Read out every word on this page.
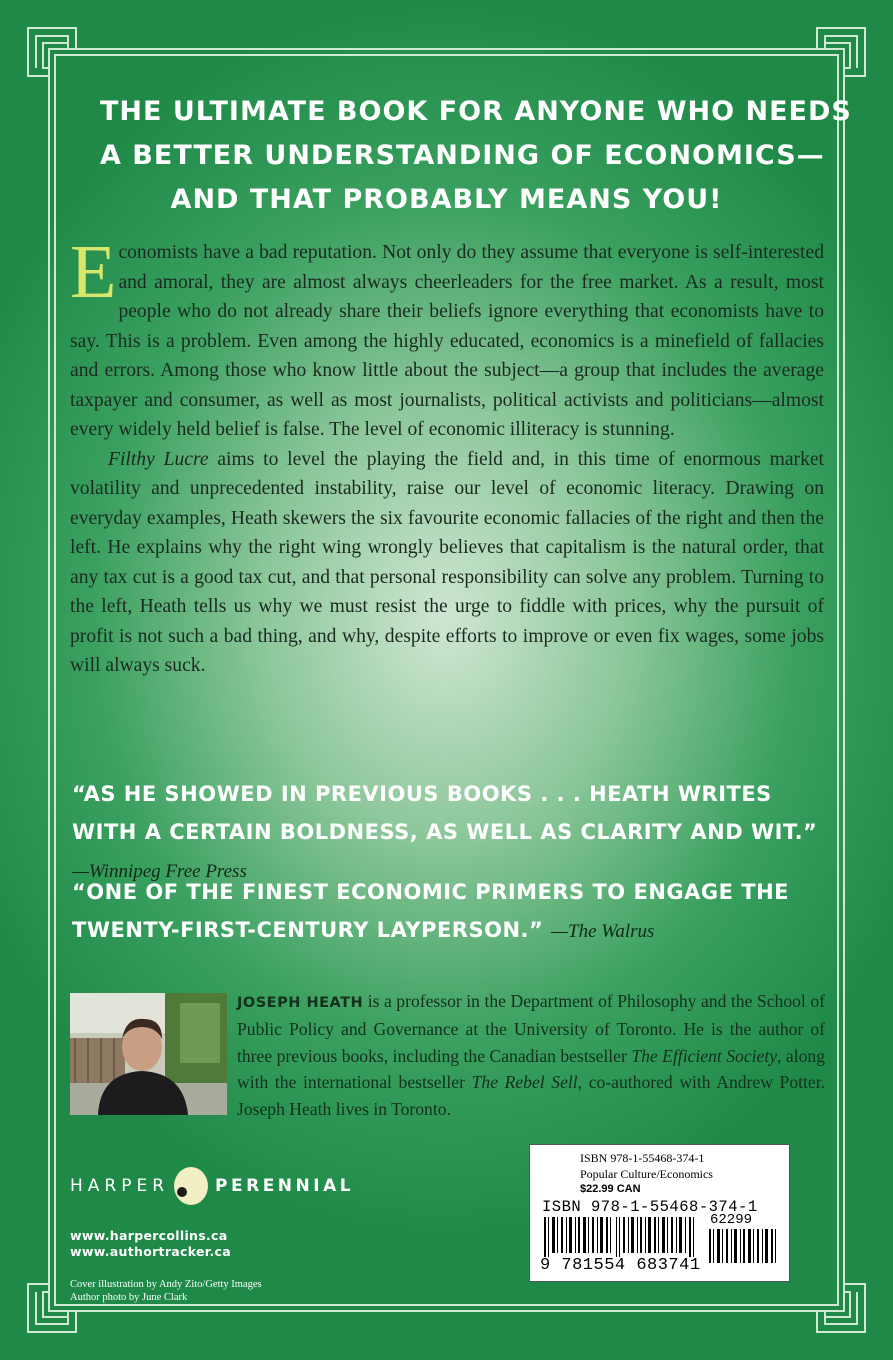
THE ULTIMATE BOOK FOR ANYONE WHO NEEDS
A BETTER UNDERSTANDING OF ECONOMICS—
AND THAT PROBABLY MEANS YOU!

Economists have a bad reputation. Not only do they assume that everyone is self-interested and amoral, they are almost always cheerleaders for the free market. As a result, most people who do not already share their beliefs ignore everything that economists have to say. This is a problem. Even among the highly educated, economics is a minefield of fallacies and errors. Among those who know little about the subject—a group that includes the average taxpayer and consumer, as well as most journalists, political activists and politicians—almost every widely held belief is false. The level of economic illiteracy is stunning.

Filthy Lucre aims to level the playing the field and, in this time of enormous market volatility and unprecedented instability, raise our level of economic literacy. Drawing on everyday examples, Heath skewers the six favourite economic fallacies of the right and then the left. He explains why the right wing wrongly believes that capitalism is the natural order, that any tax cut is a good tax cut, and that personal responsibility can solve any problem. Turning to the left, Heath tells us why we must resist the urge to fiddle with prices, why the pursuit of profit is not such a bad thing, and why, despite efforts to improve or even fix wages, some jobs will always suck.

“AS HE SHOWED IN PREVIOUS BOOKS . . . HEATH WRITES WITH A CERTAIN BOLDNESS, AS WELL AS CLARITY AND WIT.” —Winnipeg Free Press
“ONE OF THE FINEST ECONOMIC PRIMERS TO ENGAGE THE TWENTY-FIRST-CENTURY LAYPERSON.” —The Walrus
JOSEPH HEATH is a professor in the Department of Philosophy and the School of Public Policy and Governance at the University of Toronto. He is the author of three previous books, including the Canadian bestseller The Efficient Society, along with the international bestseller The Rebel Sell, co-authored with Andrew Potter. Joseph Heath lives in Toronto.
HARPER	PERENNIAL
www.harpercollins.ca
www.authortracker.ca
Cover illustration by Andy Zito/Getty Images
Author photo by June Clark
ISBN 978-1-55468-374-1
Popular Culture/Economics
$22.99 CAN
ISBN 978-1-55468-374-1
62299
9 781554 683741
